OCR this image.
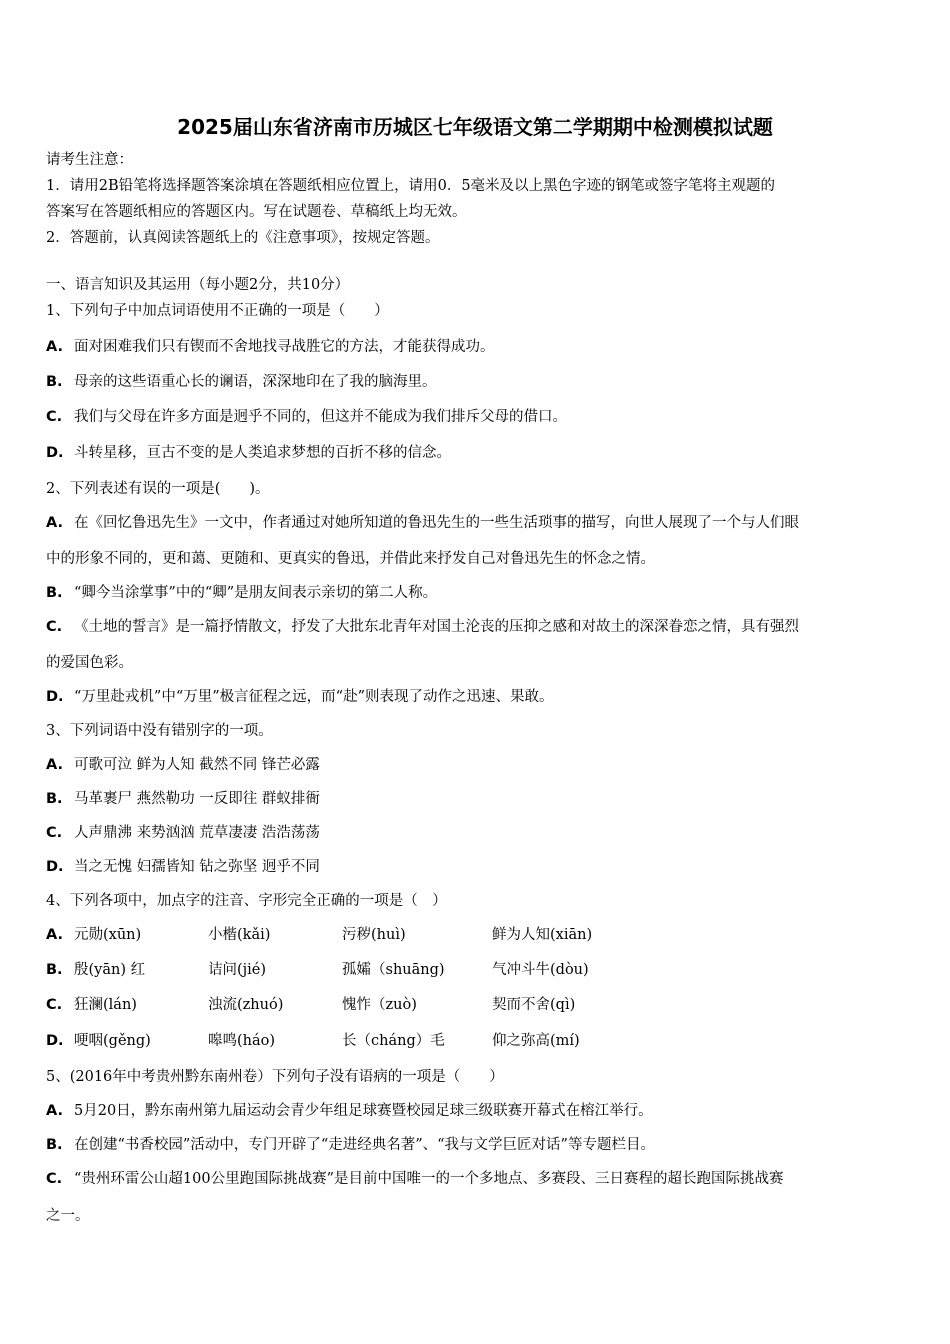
2025届山东省济南市历城区七年级语文第二学期期中检测模拟试题
请考生注意：
1．请用2B铅笔将选择题答案涂填在答题纸相应位置上，请用0．5毫米及以上黑色字迹的钢笔或签字笔将主观题的
答案写在答题纸相应的答题区内。写在试题卷、草稿纸上均无效。
2．答题前，认真阅读答题纸上的《注意事项》，按规定答题。
一、语言知识及其运用（每小题2分，共10分）
1、下列句子中加点词语使用不正确的一项是（　　）
A. 面对困难我们只有锲而不舍地找寻战胜它的方法，才能获得成功。
B. 母亲的这些语重心长的谰语，深深地印在了我的脑海里。
C. 我们与父母在许多方面是迥乎不同的，但这并不能成为我们排斥父母的借口。
D. 斗转星移，亘古不变的是人类追求梦想的百折不移的信念。
2、下列表述有误的一项是(　　)。
A. 在《回忆鲁迅先生》一文中，作者通过对她所知道的鲁迅先生的一些生活琐事的描写，向世人展现了一个与人们眼
中的形象不同的，更和蔼、更随和、更真实的鲁迅，并借此来抒发自己对鲁迅先生的怀念之情。
B. “卿今当涂掌事”中的“卿”是朋友间表示亲切的第二人称。
C. 《土地的誓言》是一篇抒情散文，抒发了大批东北青年对国土沦丧的压抑之感和对故土的深深眷恋之情，具有强烈
的爱国色彩。
D. “万里赴戎机”中“万里”极言征程之远，而“赴”则表现了动作之迅速、果敢。
3、下列词语中没有错别字的一项。
A. 可歌可泣 鲜为人知 截然不同 锋芒必露
B. 马革裹尸 燕然勒功 一反即往 群蚁排衙
C. 人声鼎沸 来势汹汹 荒草凄凄 浩浩荡荡
D. 当之无愧 妇孺皆知 钻之弥坚 迥乎不同
4、下列各项中，加点字的注音、字形完全正确的一项是（　）
A. 元勋(xūn)	小楷(kǎi)	污秽(huì)	鲜为人知(xiān)
B. 殷(yān) 红	诘问(jié)	孤孀（shuāng)	气冲斗牛(dòu)
C. 狂澜(lán)	浊流(zhuó)	愧怍（zuò)	契而不舍(qì)
D. 哽咽(gěng)	嗥鸣(háo)	长（cháng）毛	仰之弥高(mí)
5、(2016年中考贵州黔东南州卷）下列句子没有语病的一项是（　　）
A. 5月20日，黔东南州第九届运动会青少年组足球赛暨校园足球三级联赛开幕式在榕江举行。
B. 在创建“书香校园”活动中，专门开辟了“走进经典名著”、“我与文学巨匠对话”等专题栏目。
C. “贵州环雷公山超100公里跑国际挑战赛”是目前中国唯一的一个多地点、多赛段、三日赛程的超长跑国际挑战赛
之一。
